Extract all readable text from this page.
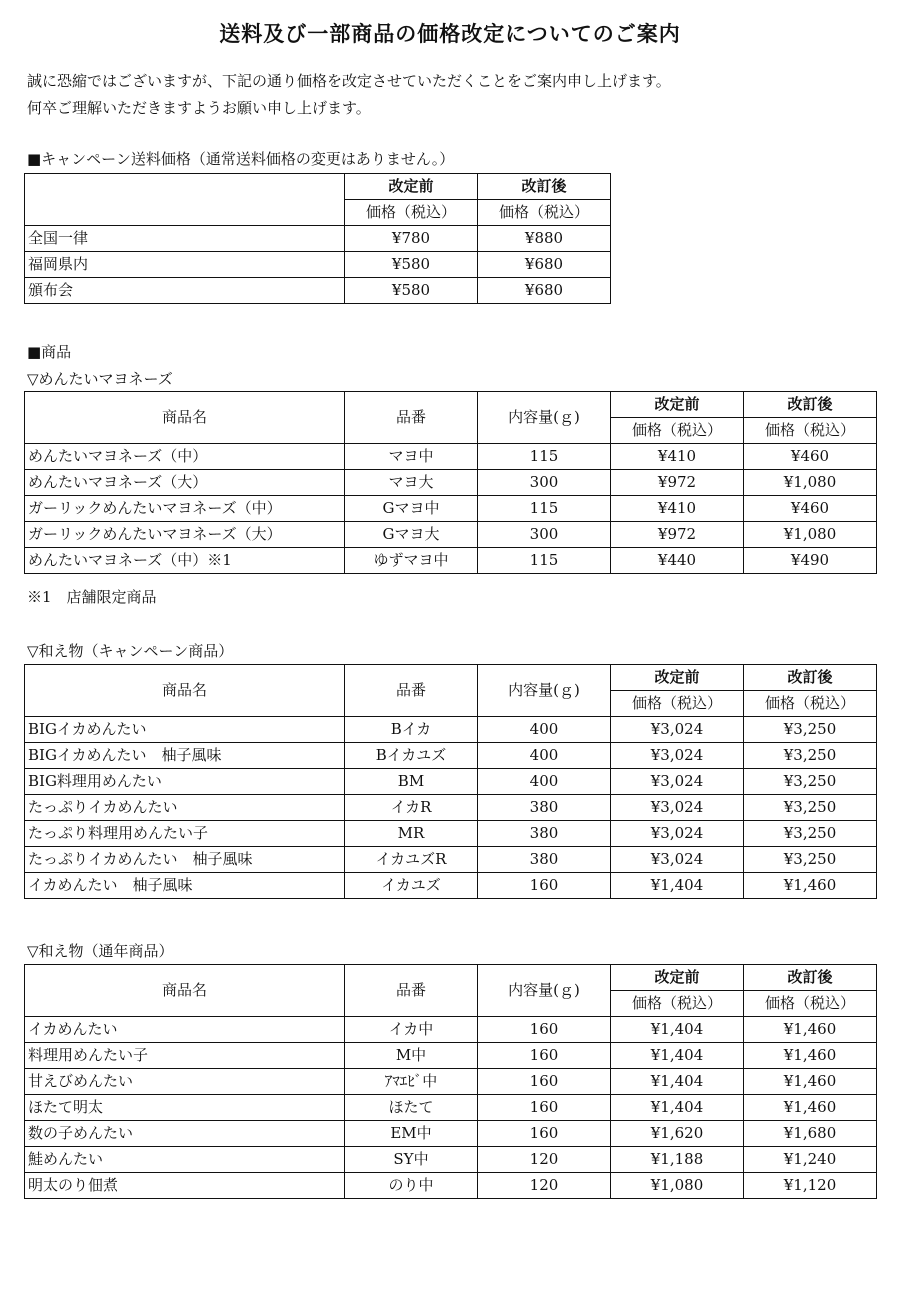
送料及び一部商品の価格改定についてのご案内
誠に恐縮ではございますが、下記の通り価格を改定させていただくことをご案内申し上げます。
何卒ご理解いただきますようお願い申し上げます。
■キャンペーン送料価格（通常送料価格の変更はありません。）
	改定前	改訂後
	価格（税込）	価格（税込）
全国一律	¥780	¥880
福岡県内	¥580	¥680
頒布会	¥580	¥680
■商品
▽めんたいマヨネーズ
商品名	品番	内容量(ｇ)	改定前	改訂後
			価格（税込）	価格（税込）
めんたいマヨネーズ（中）	マヨ中	115	¥410	¥460
めんたいマヨネーズ（大）	マヨ大	300	¥972	¥1,080
ガーリックめんたいマヨネーズ（中）	Gマヨ中	115	¥410	¥460
ガーリックめんたいマヨネーズ（大）	Gマヨ大	300	¥972	¥1,080
めんたいマヨネーズ（中）※1	ゆずマヨ中	115	¥440	¥490
※1　店舗限定商品
▽和え物（キャンペーン商品）
商品名	品番	内容量(ｇ)	改定前	改訂後
			価格（税込）	価格（税込）
BIGイカめんたい	Bイカ	400	¥3,024	¥3,250
BIGイカめんたい　柚子風味	Bイカユズ	400	¥3,024	¥3,250
BIG料理用めんたい	BM	400	¥3,024	¥3,250
たっぷりイカめんたい	イカR	380	¥3,024	¥3,250
たっぷり料理用めんたい子	MR	380	¥3,024	¥3,250
たっぷりイカめんたい　柚子風味	イカユズR	380	¥3,024	¥3,250
イカめんたい　柚子風味	イカユズ	160	¥1,404	¥1,460
▽和え物（通年商品）
商品名	品番	内容量(ｇ)	改定前	改訂後
			価格（税込）	価格（税込）
イカめんたい	イカ中	160	¥1,404	¥1,460
料理用めんたい子	M中	160	¥1,404	¥1,460
甘えびめんたい	ｱﾏｴﾋﾞ中	160	¥1,404	¥1,460
ほたて明太	ほたて	160	¥1,404	¥1,460
数の子めんたい	EM中	160	¥1,620	¥1,680
鮭めんたい	SY中	120	¥1,188	¥1,240
明太のり佃煮	のり中	120	¥1,080	¥1,120
